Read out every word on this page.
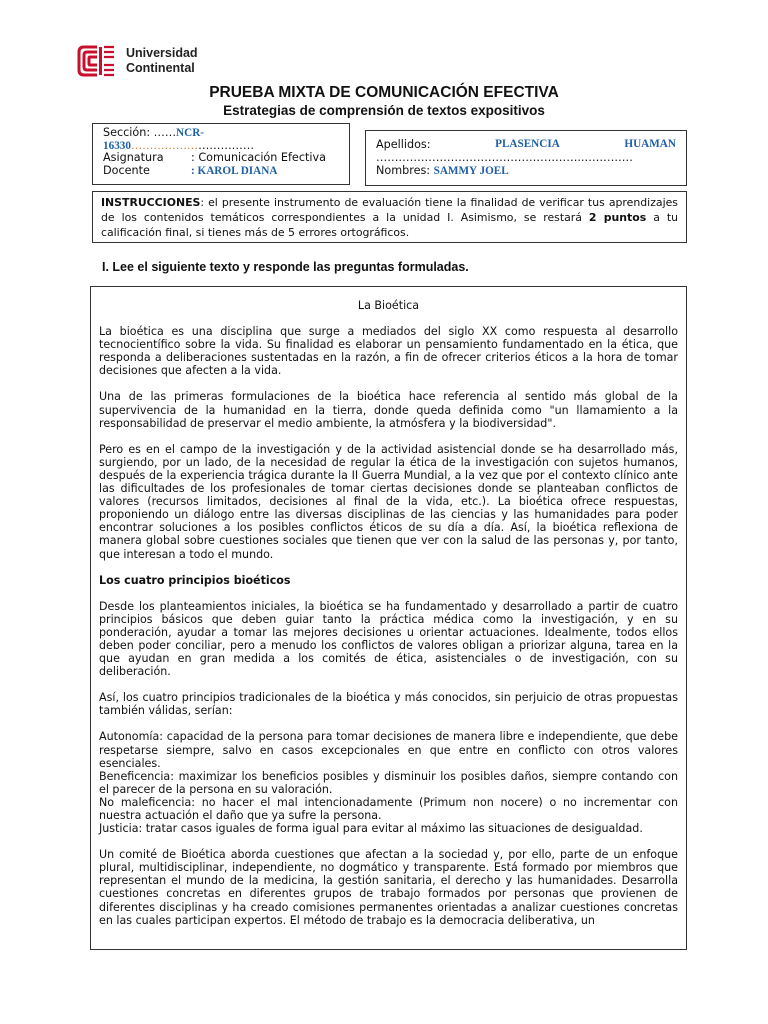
Universidad
Continental
PRUEBA MIXTA DE COMUNICACIÓN EFECTIVA
Estrategias de comprensión de textos expositivos
Sección: ……NCR-
16330……………………………
Asignatura	: Comunicación Efectiva
Docente	: KAROL DIANA
Apellidos:	PLASENCIA	HUAMAN
………………………………………………..………….
Nombres: SAMMY JOEL
INSTRUCCIONES: el presente instrumento de evaluación tiene la finalidad de verificar tus aprendizajes de los contenidos temáticos correspondientes a la unidad I. Asimismo, se restará 2 puntos a tu calificación final, si tienes más de 5 errores ortográficos.
I. Lee el siguiente texto y responde las preguntas formuladas.

La Bioética

La bioética es una disciplina que surge a mediados del siglo XX como respuesta al desarrollo tecnocientífico sobre la vida. Su finalidad es elaborar un pensamiento fundamentado en la ética, que responda a deliberaciones sustentadas en la razón, a fin de ofrecer criterios éticos a la hora de tomar decisiones que afecten a la vida.

Una de las primeras formulaciones de la bioética hace referencia al sentido más global de la supervivencia de la humanidad en la tierra, donde queda definida como "un llamamiento a la responsabilidad de preservar el medio ambiente, la atmósfera y la biodiversidad".

Pero es en el campo de la investigación y de la actividad asistencial donde se ha desarrollado más, surgiendo, por un lado, de la necesidad de regular la ética de la investigación con sujetos humanos, después de la experiencia trágica durante la II Guerra Mundial, a la vez que por el contexto clínico ante las dificultades de los profesionales de tomar ciertas decisiones donde se planteaban conflictos de valores (recursos limitados, decisiones al final de la vida, etc.). La bioética ofrece respuestas, proponiendo un diálogo entre las diversas disciplinas de las ciencias y las humanidades para poder encontrar soluciones a los posibles conflictos éticos de su día a día. Así, la bioética reflexiona de manera global sobre cuestiones sociales que tienen que ver con la salud de las personas y, por tanto, que interesan a todo el mundo.

Los cuatro principios bioéticos

Desde los planteamientos iniciales, la bioética se ha fundamentado y desarrollado a partir de cuatro principios básicos que deben guiar tanto la práctica médica como la investigación, y en su ponderación, ayudar a tomar las mejores decisiones u orientar actuaciones. Idealmente, todos ellos deben poder conciliar, pero a menudo los conflictos de valores obligan a priorizar alguna, tarea en la que ayudan en gran medida a los comités de ética, asistenciales o de investigación, con su deliberación.

Así, los cuatro principios tradicionales de la bioética y más conocidos, sin perjuicio de otras propuestas también válidas, serían:

Autonomía: capacidad de la persona para tomar decisiones de manera libre e independiente, que debe respetarse siempre, salvo en casos excepcionales en que entre en conflicto con otros valores esenciales.

Beneficencia: maximizar los beneficios posibles y disminuir los posibles daños, siempre contando con el parecer de la persona en su valoración.

No maleficencia: no hacer el mal intencionadamente (Primum non nocere) o no incrementar con nuestra actuación el daño que ya sufre la persona.

Justicia: tratar casos iguales de forma igual para evitar al máximo las situaciones de desigualdad.

Un comité de Bioética aborda cuestiones que afectan a la sociedad y, por ello, parte de un enfoque plural, multidisciplinar, independiente, no dogmático y transparente. Está formado por miembros que representan el mundo de la medicina, la gestión sanitaria, el derecho y las humanidades. Desarrolla cuestiones concretas en diferentes grupos de trabajo formados por personas que provienen de diferentes disciplinas y ha creado comisiones permanentes orientadas a analizar cuestiones concretas en las cuales participan expertos. El método de trabajo es la democracia deliberativa, un
